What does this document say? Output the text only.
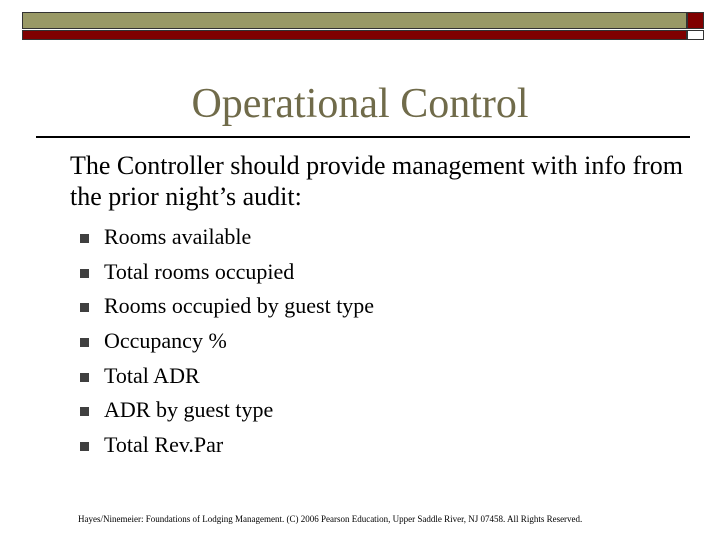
Operational Control
The Controller should provide management with info from the prior night’s audit:
Rooms available
Total rooms occupied
Rooms occupied by guest type
Occupancy %
Total ADR
ADR by guest type
Total Rev.Par
Hayes/Ninemeier: Foundations of Lodging Management. (C) 2006 Pearson Education, Upper Saddle River, NJ 07458. All Rights Reserved.
